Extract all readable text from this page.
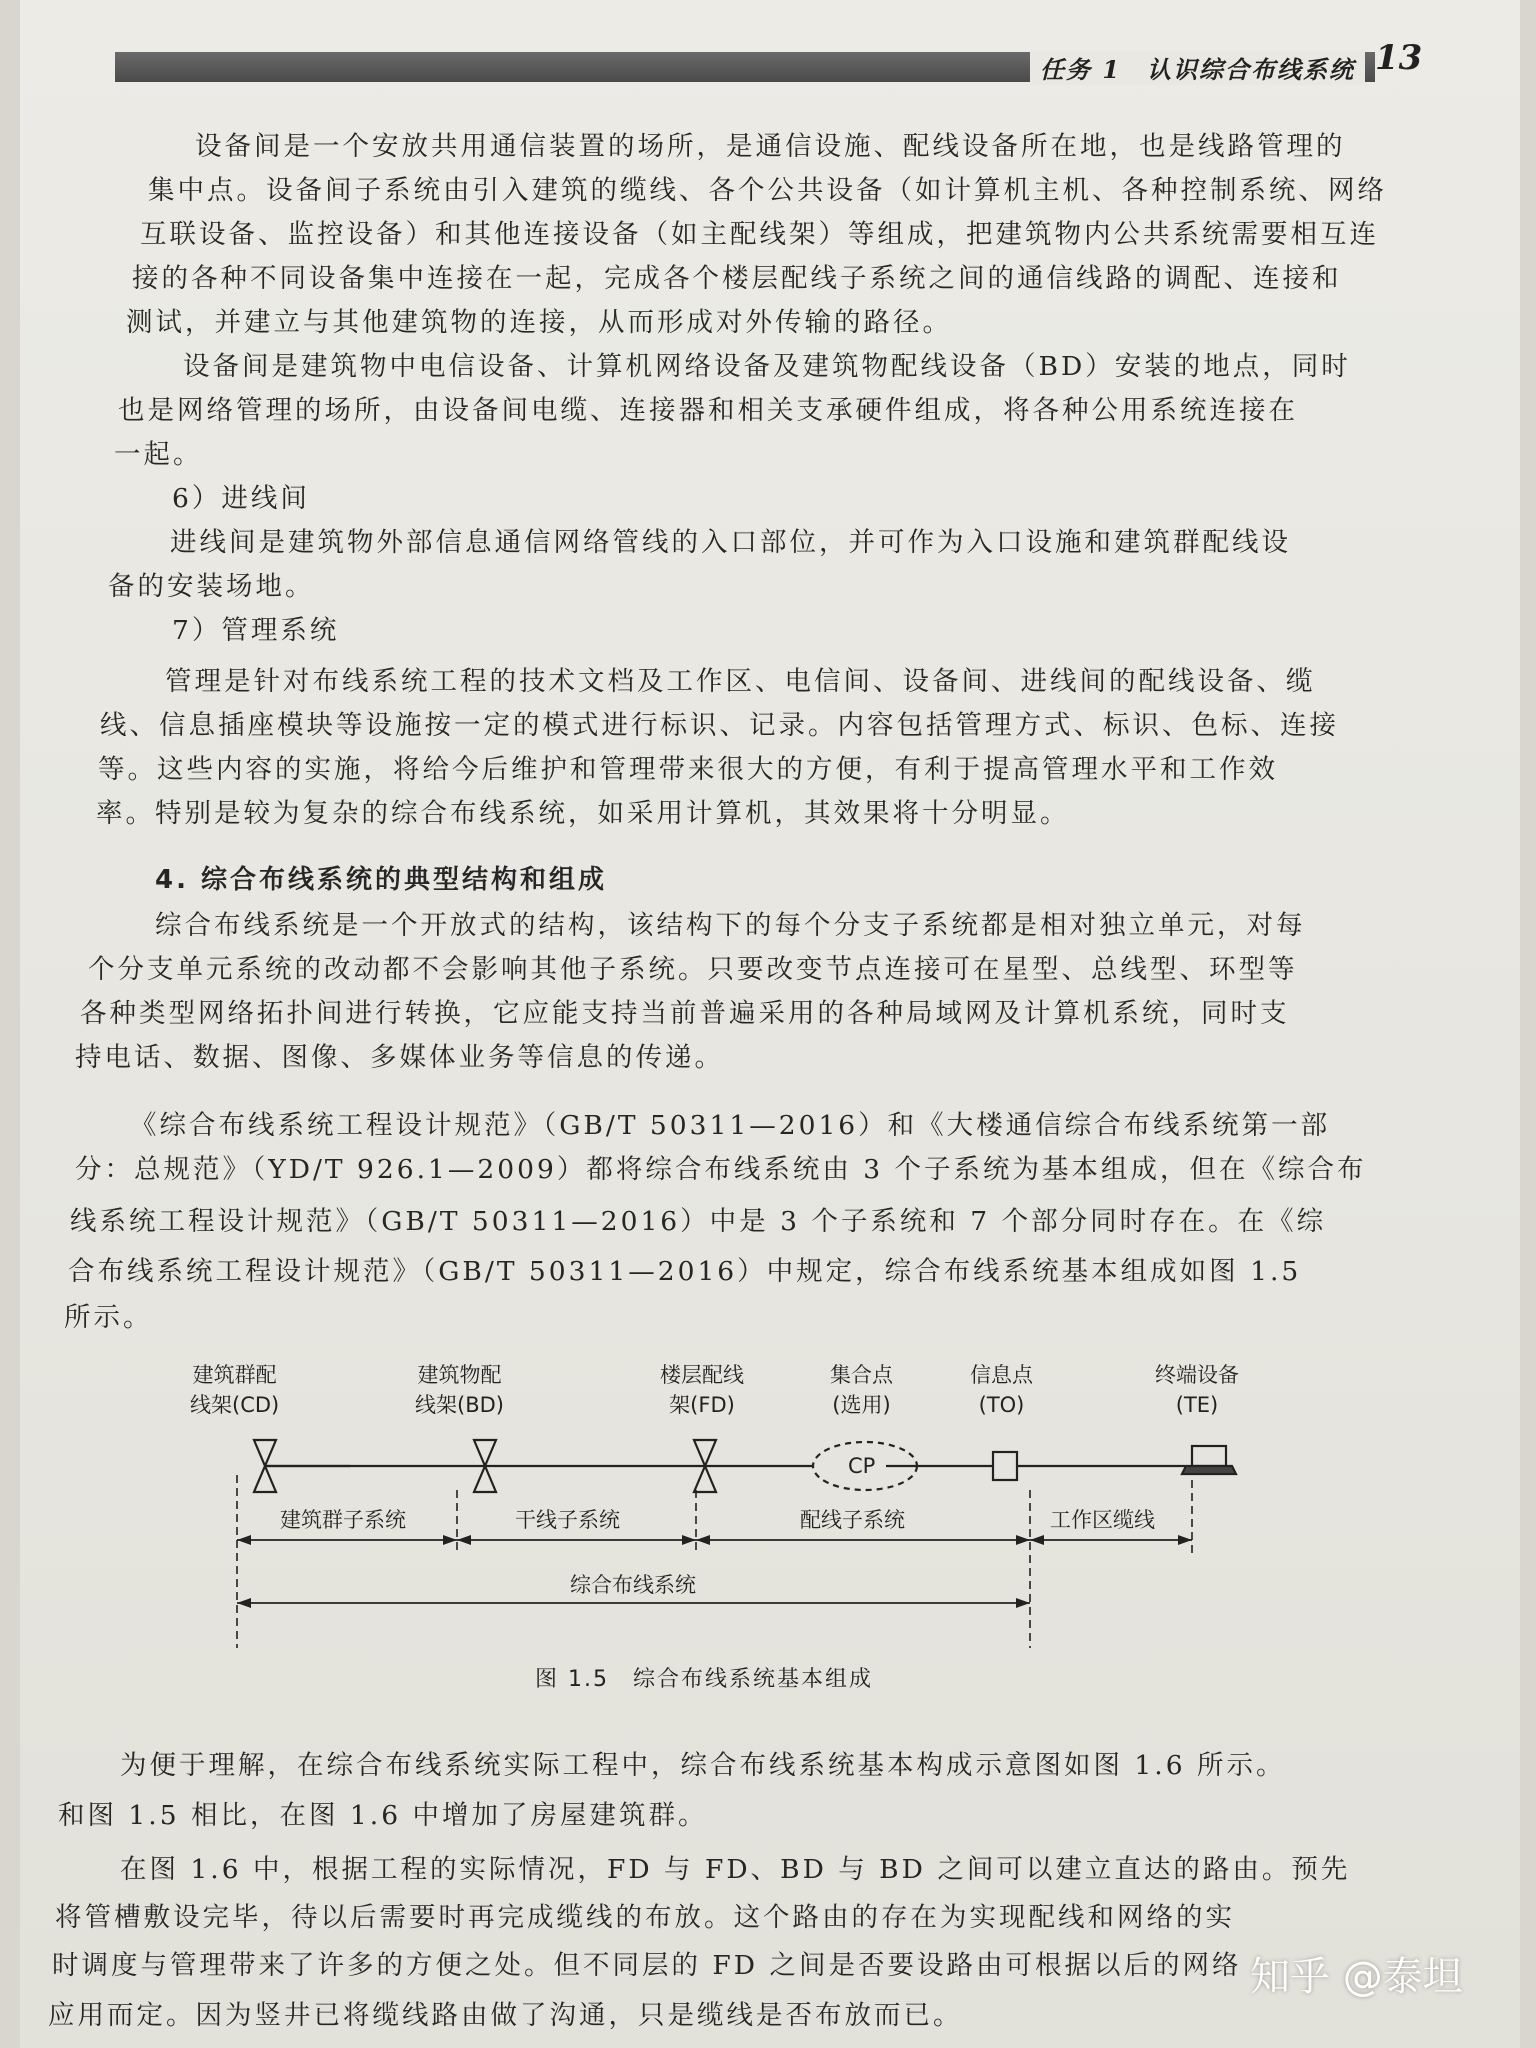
任务 1　认识综合布线系统 13
设备间是一个安放共用通信装置的场所，是通信设施、配线设备所在地，也是线路管理的
集中点。设备间子系统由引入建筑的缆线、各个公共设备（如计算机主机、各种控制系统、网络
互联设备、监控设备）和其他连接设备（如主配线架）等组成，把建筑物内公共系统需要相互连
接的各种不同设备集中连接在一起，完成各个楼层配线子系统之间的通信线路的调配、连接和
测试，并建立与其他建筑物的连接，从而形成对外传输的路径。
设备间是建筑物中电信设备、计算机网络设备及建筑物配线设备（BD）安装的地点，同时
也是网络管理的场所，由设备间电缆、连接器和相关支承硬件组成，将各种公用系统连接在
一起。
6）进线间
进线间是建筑物外部信息通信网络管线的入口部位，并可作为入口设施和建筑群配线设
备的安装场地。
7）管理系统
管理是针对布线系统工程的技术文档及工作区、电信间、设备间、进线间的配线设备、缆
线、信息插座模块等设施按一定的模式进行标识、记录。内容包括管理方式、标识、色标、连接
等。这些内容的实施，将给今后维护和管理带来很大的方便，有利于提高管理水平和工作效
率。特别是较为复杂的综合布线系统，如采用计算机，其效果将十分明显。
4. 综合布线系统的典型结构和组成
综合布线系统是一个开放式的结构，该结构下的每个分支子系统都是相对独立单元，对每
个分支单元系统的改动都不会影响其他子系统。只要改变节点连接可在星型、总线型、环型等
各种类型网络拓扑间进行转换，它应能支持当前普遍采用的各种局域网及计算机系统，同时支
持电话、数据、图像、多媒体业务等信息的传递。
《综合布线系统工程设计规范》（GB/T 50311—2016）和《大楼通信综合布线系统第一部
分：总规范》（YD/T 926.1—2009）都将综合布线系统由 3 个子系统为基本组成，但在《综合布
线系统工程设计规范》（GB/T 50311—2016）中是 3 个子系统和 7 个部分同时存在。在《综
合布线系统工程设计规范》（GB/T 50311—2016）中规定，综合布线系统基本组成如图 1.5
所示。
建筑群配
线架(CD)
建筑物配
线架(BD)
楼层配线
架(FD)
集合点
(选用)
信息点
(TO)
终端设备
(TE)
CP
建筑群子系统	干线子系统	配线子系统	工作区缆线
综合布线系统
图 1.5　综合布线系统基本组成
为便于理解，在综合布线系统实际工程中，综合布线系统基本构成示意图如图 1.6 所示。
和图 1.5 相比，在图 1.6 中增加了房屋建筑群。
在图 1.6 中，根据工程的实际情况，FD 与 FD、BD 与 BD 之间可以建立直达的路由。预先
将管槽敷设完毕，待以后需要时再完成缆线的布放。这个路由的存在为实现配线和网络的实
时调度与管理带来了许多的方便之处。但不同层的 FD 之间是否要设路由可根据以后的网络
应用而定。因为竖井已将缆线路由做了沟通，只是缆线是否布放而已。
知乎 @泰坦
